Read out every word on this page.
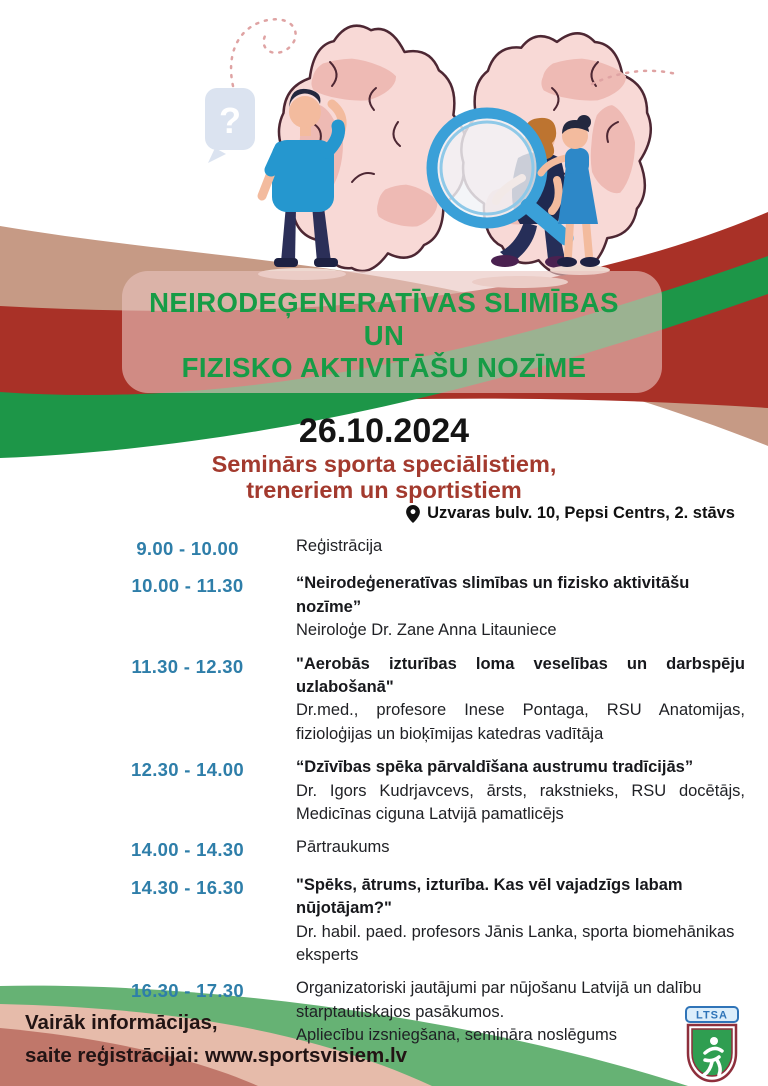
?
NEIRODEĢENERATĪVAS SLIMĪBAS
UN
FIZISKO AKTIVITĀŠU NOZĪME
26.10.2024
Seminārs sporta speciālistiem,
treneriem un sportistiem
Uzvaras bulv. 10, Pepsi Centrs, 2. stāvs
9.00 - 10.00	Reģistrācija
10.00 - 11.30	“Neirodeģeneratīvas slimības un fizisko aktivitāšu nozīme”
Neiroloģe Dr. Zane Anna Litauniece
11.30 - 12.30	"Aerobās izturības loma veselības un darbspēju uzlabošanā"
Dr.med., profesore Inese Pontaga, RSU Anatomijas, fizioloģijas un bioķīmijas katedras vadītāja
12.30 - 14.00	“Dzīvības spēka pārvaldīšana austrumu tradīcijās”
Dr. Igors Kudrjavcevs, ārsts, rakstnieks, RSU docētājs, Medicīnas ciguna Latvijā pamatlicējs
14.00 - 14.30	Pārtraukums
14.30 - 16.30	"Spēks, ātrums, izturība. Kas vēl vajadzīgs labam nūjotājam?"
Dr. habil. paed. profesors Jānis Lanka, sporta biomehānikas eksperts
16.30 - 17.30	Organizatoriski jautājumi par nūjošanu Latvijā un dalību starptautiskajos pasākumos.
Apliecību izsniegšana, semināra noslēgums
Vairāk informācijas,
saite reģistrācijai: www.sportsvisiem.lv
LTSA
